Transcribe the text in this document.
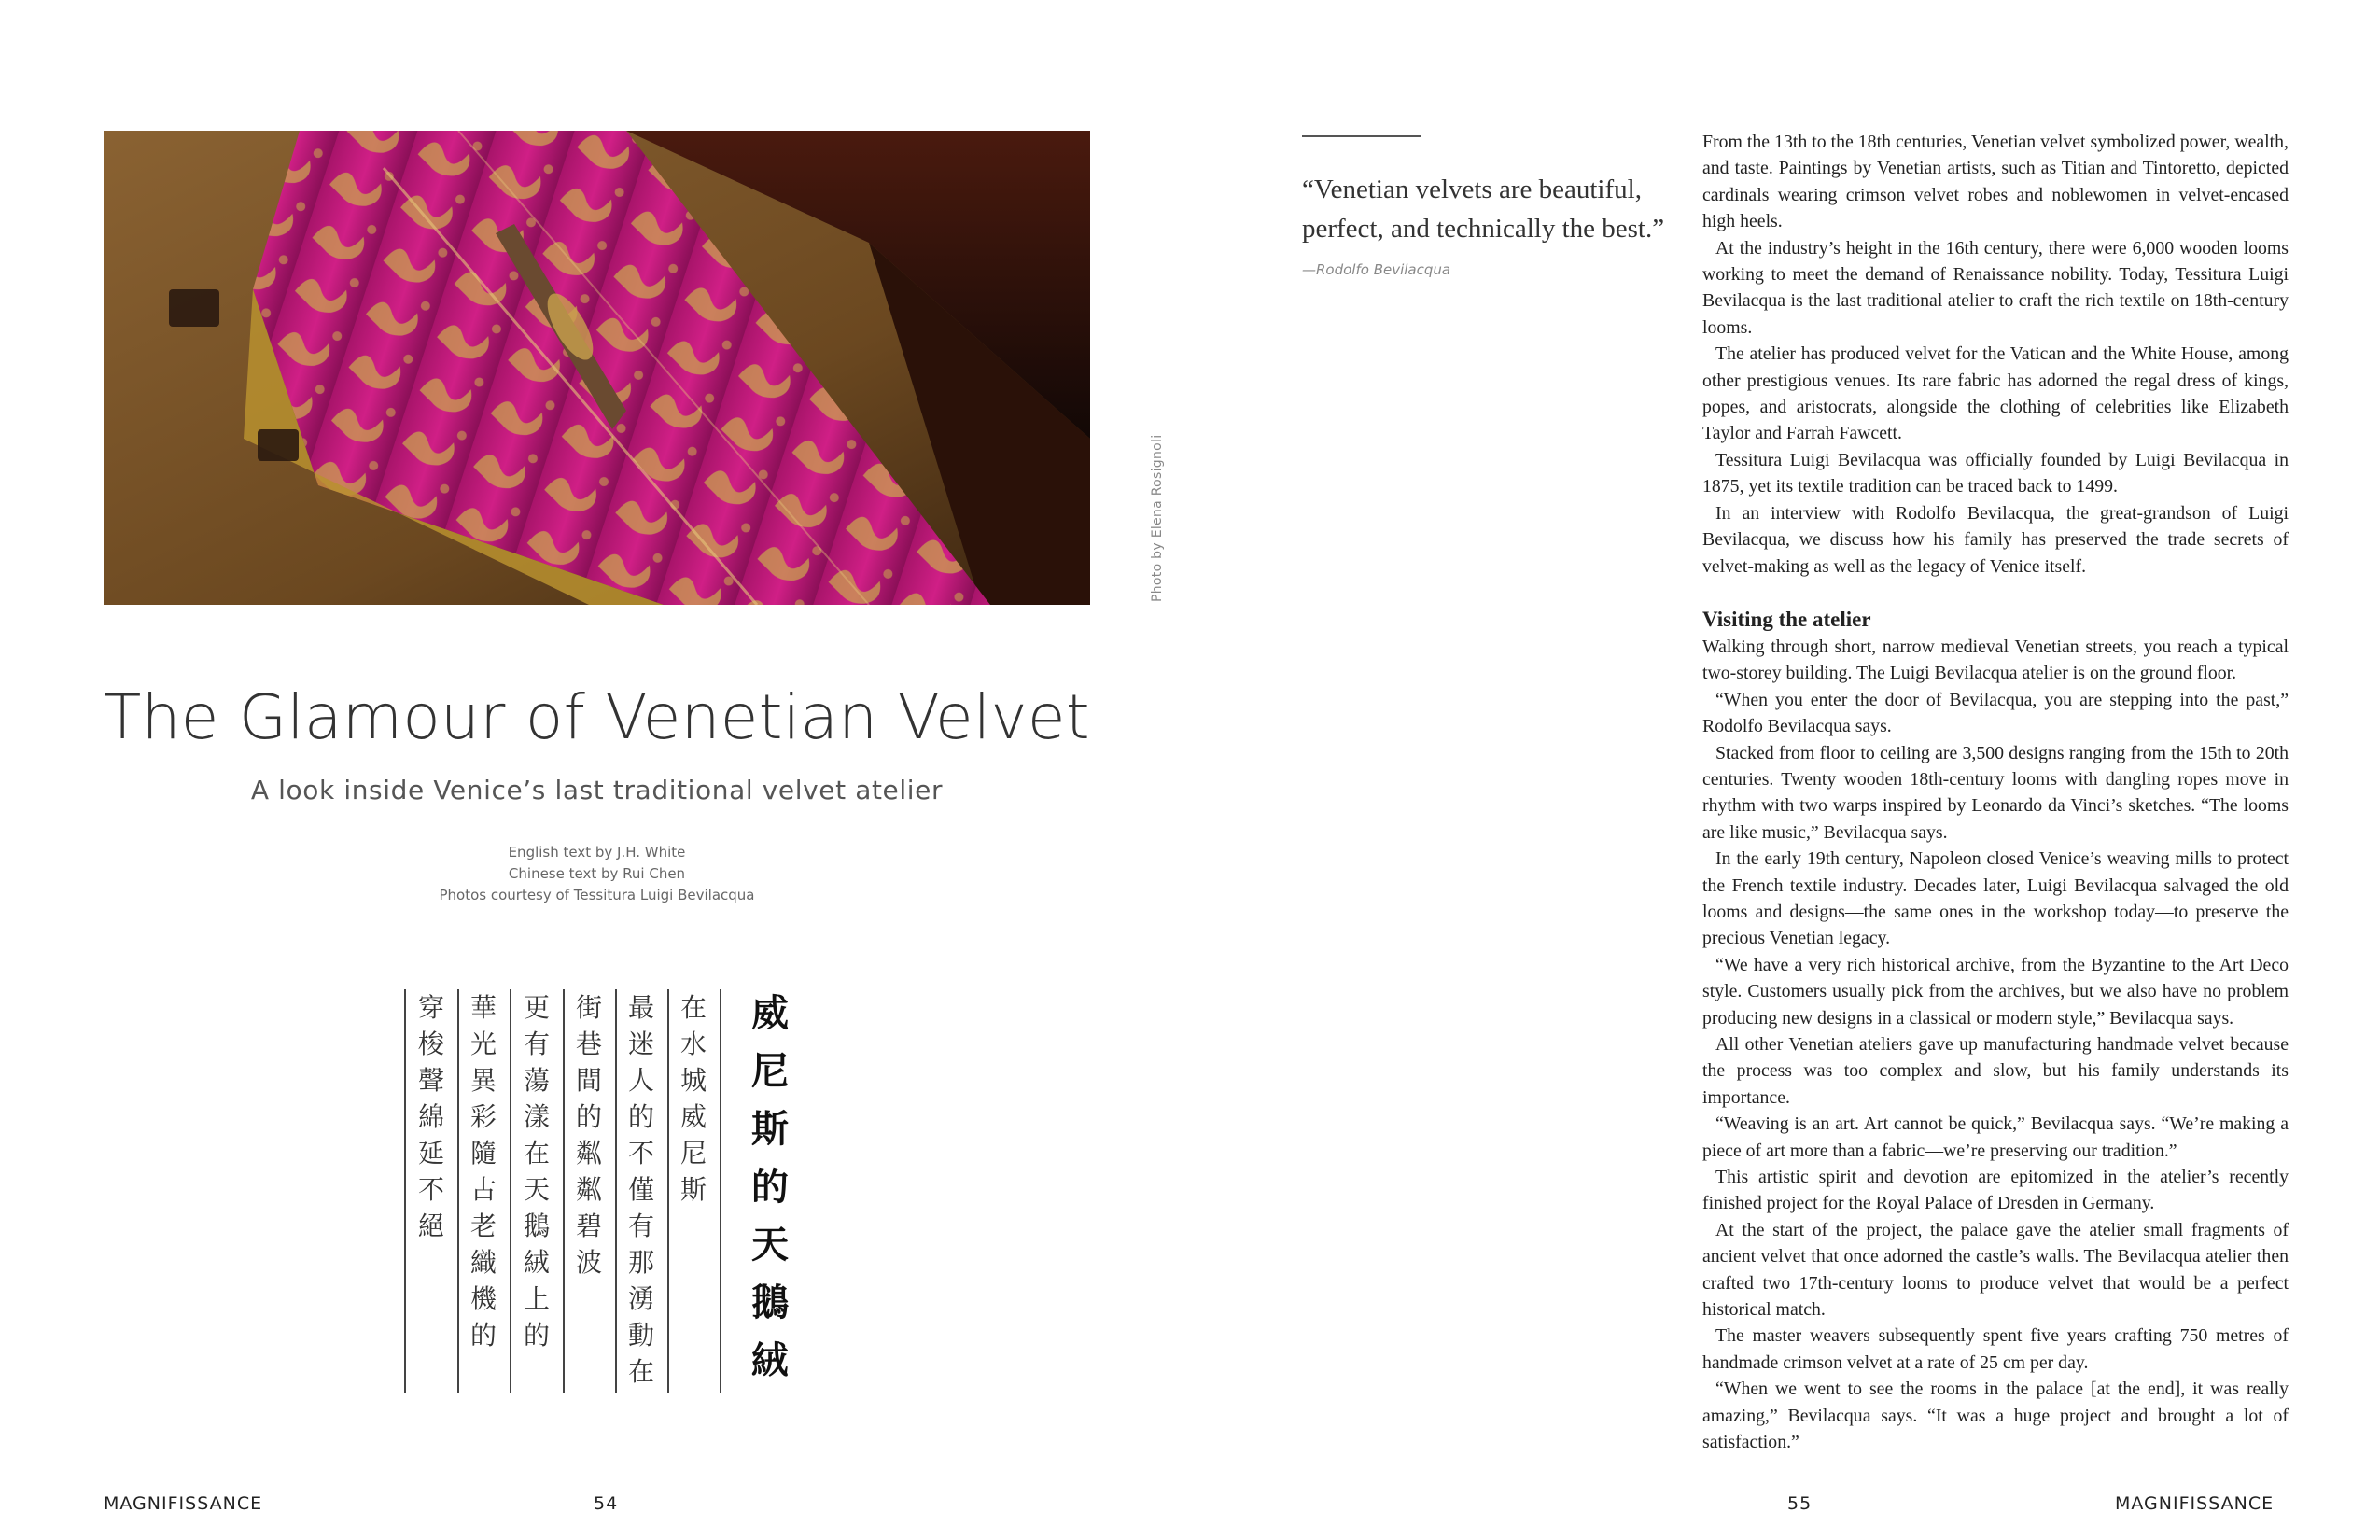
Photo by Elena Rosignoli
The Glamour of Venetian Velvet
A look inside Venice’s last traditional velvet atelier
English text by J.H. White
Chinese text by Rui Chen
Photos courtesy of Tessitura Luigi Bevilacqua
威
尼
斯
的
天
鵝
絨
在
水
城
威
尼
斯
最
迷
人
的
不
僅
有
那
湧
動
在
街
巷
間
的
粼
粼
碧
波
更
有
蕩
漾
在
天
鵝
絨
上
的
華
光
異
彩
隨
古
老
織
機
的
穿
梭
聲
綿
延
不
絕
“Venetian velvets are beautiful, perfect, and technically the best.”
—Rodolfo Bevilacqua

From the 13th to the 18th centuries, Venetian velvet symbolized power, wealth, and taste. Paintings by Venetian artists, such as Titian and Tintoretto, depicted cardinals wearing crimson velvet robes and noblewomen in velvet-encased high heels.

At the industry’s height in the 16th century, there were 6,000 wooden looms working to meet the demand of Renaissance nobility. Today, Tessitura Luigi Bevilacqua is the last traditional atelier to craft the rich textile on 18th-century looms.

The atelier has produced velvet for the Vatican and the White House, among other prestigious venues. Its rare fabric has adorned the regal dress of kings, popes, and aristocrats, alongside the clothing of celebrities like Elizabeth Taylor and Farrah Fawcett.

Tessitura Luigi Bevilacqua was officially founded by Luigi Bevilacqua in 1875, yet its textile tradition can be traced back to 1499.

In an interview with Rodolfo Bevilacqua, the great-grandson of Luigi Bevilacqua, we discuss how his family has preserved the trade secrets of velvet-making as well as the legacy of Venice itself.

Visiting the atelier

Walking through short, narrow medieval Venetian streets, you reach a typical two-storey building. The Luigi Bevilacqua atelier is on the ground floor.

“When you enter the door of Bevilacqua, you are stepping into the past,” Rodolfo Bevilacqua says.

Stacked from floor to ceiling are 3,500 designs ranging from the 15th to 20th centuries. Twenty wooden 18th-century looms with dangling ropes move in rhythm with two warps inspired by Leonardo da Vinci’s sketches. “The looms are like music,” Bevilacqua says.

In the early 19th century, Napoleon closed Venice’s weaving mills to protect the French textile industry. Decades later, Luigi Bevilacqua salvaged the old looms and designs—the same ones in the workshop today—to preserve the precious Venetian legacy.

“We have a very rich historical archive, from the Byzantine to the Art Deco style. Customers usually pick from the archives, but we also have no problem producing new designs in a classical or modern style,” Bevilacqua says.

All other Venetian ateliers gave up manufacturing handmade velvet because the process was too complex and slow, but his family understands its importance.

“Weaving is an art. Art cannot be quick,” Bevilacqua says. “We’re making a piece of art more than a fabric—we’re preserving our tradition.”

This artistic spirit and devotion are epitomized in the atelier’s recently finished project for the Royal Palace of Dresden in Germany.

At the start of the project, the palace gave the atelier small fragments of ancient velvet that once adorned the castle’s walls. The Bevilacqua atelier then crafted two 17th-century looms to produce velvet that would be a perfect historical match.

The master weavers subsequently spent five years crafting 750 metres of handmade crimson velvet at a rate of 25 cm per day.

“When we went to see the rooms in the palace [at the end], it was really amazing,” Bevilacqua says. “It was a huge project and brought a lot of satisfaction.”

MAGNIFISSANCE	54	55	MAGNIFISSANCE
